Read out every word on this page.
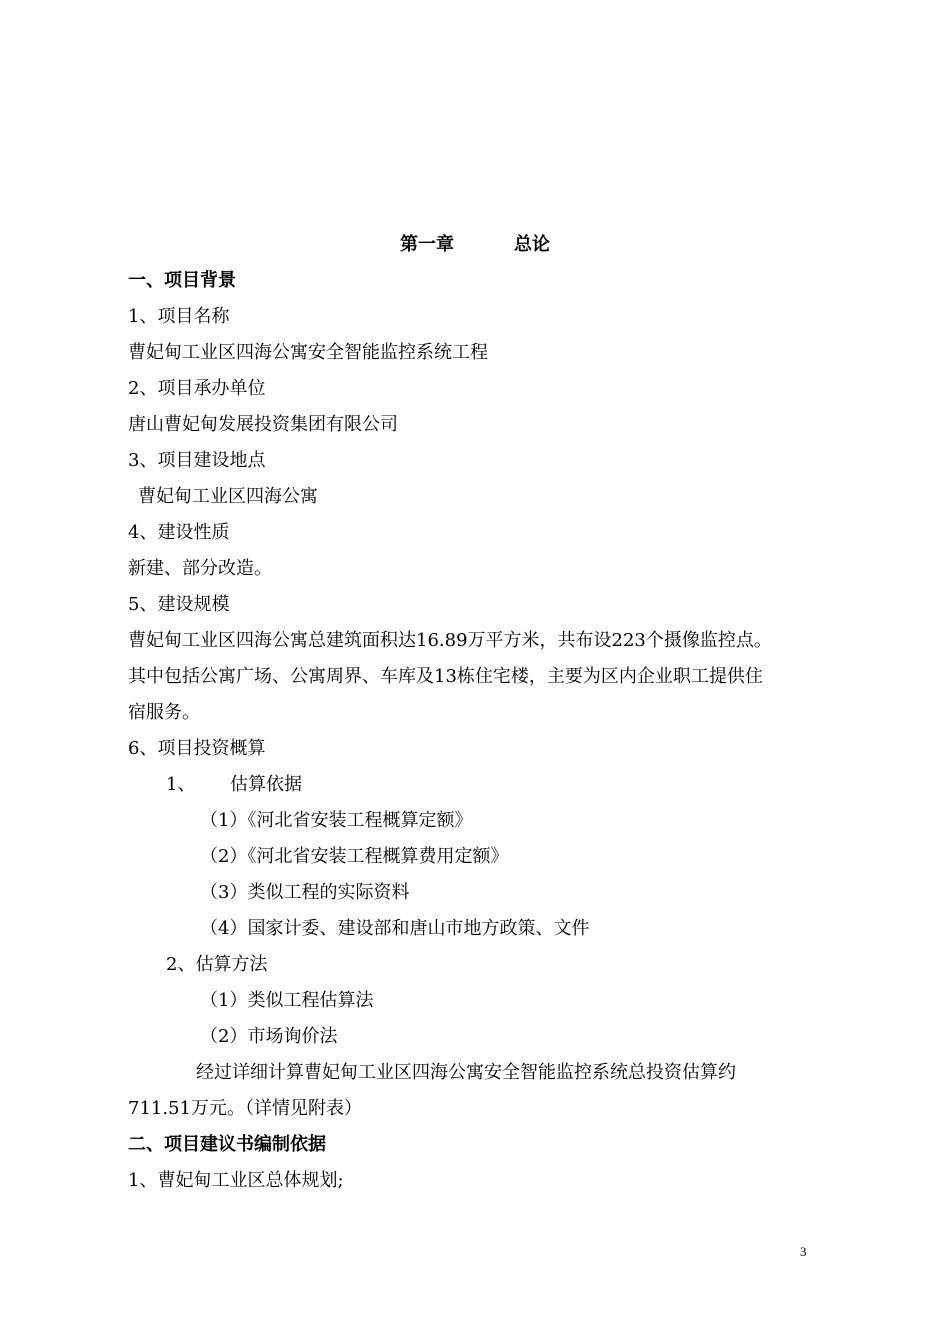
第一章	总论
一、项目背景
1、项目名称
曹妃甸工业区四海公寓安全智能监控系统工程
2、项目承办单位
唐山曹妃甸发展投资集团有限公司
3、项目建设地点
曹妃甸工业区四海公寓
4、建设性质
新建、部分改造。
5、建设规模
曹妃甸工业区四海公寓总建筑面积达16.89万平方米，共布设223个摄像监控点。
其中包括公寓广场、公寓周界、车库及13栋住宅楼，主要为区内企业职工提供住
宿服务。
6、项目投资概算
1、 估算依据
（1）《河北省安装工程概算定额》
（2）《河北省安装工程概算费用定额》
（3）类似工程的实际资料
（4）国家计委、建设部和唐山市地方政策、文件
2、估算方法
（1）类似工程估算法
（2）市场询价法
经过详细计算曹妃甸工业区四海公寓安全智能监控系统总投资估算约
711.51万元。（详情见附表）
二、项目建议书编制依据
1、曹妃甸工业区总体规划;
3
